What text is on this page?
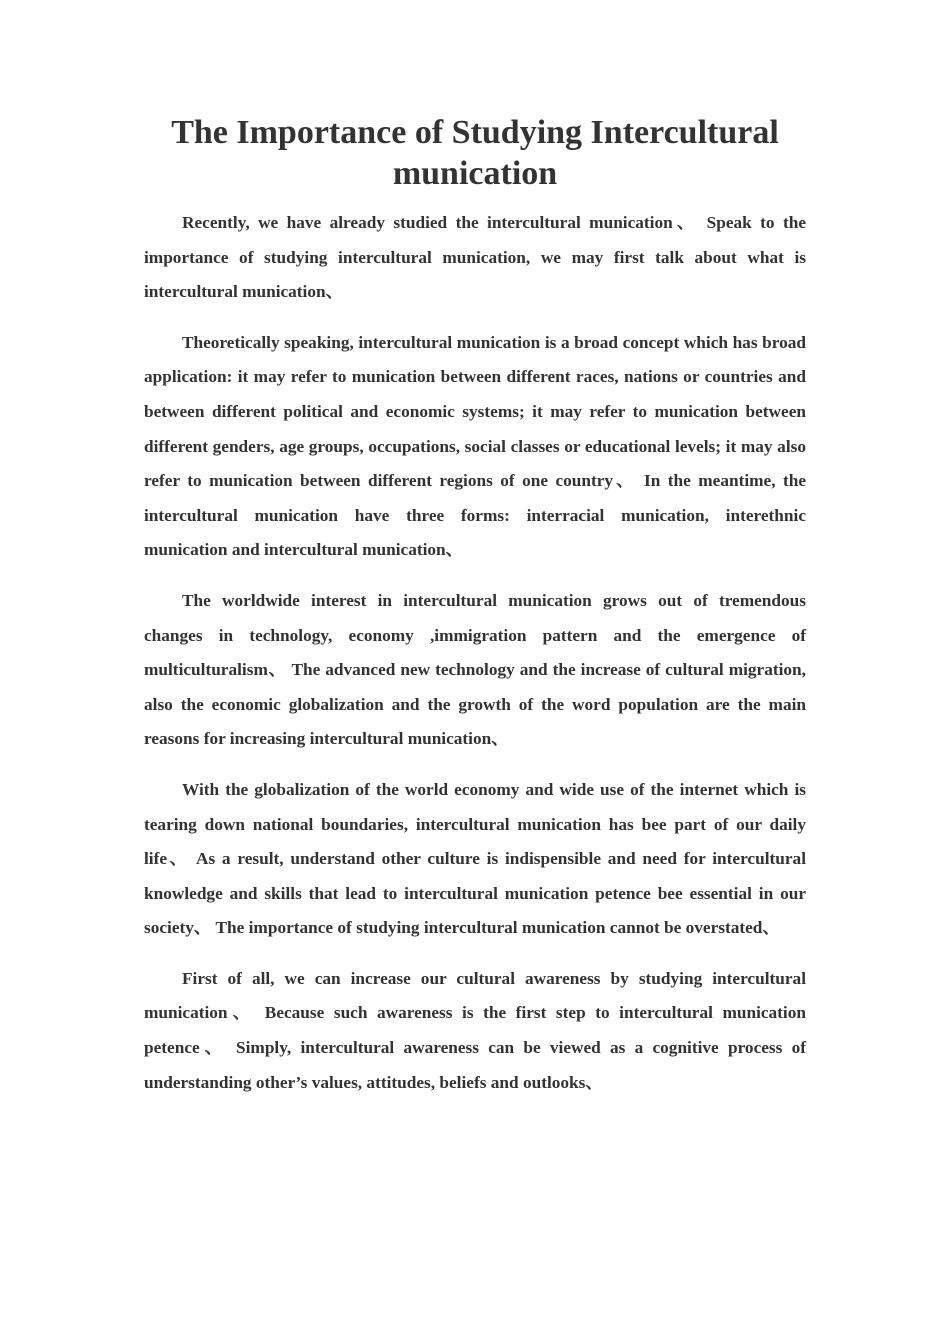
The Importance of Studying Intercultural munication

Recently, we have already studied the intercultural munication、 Speak to the importance of studying intercultural munication, we may first talk about what is intercultural munication、

Theoretically speaking, intercultural munication is a broad concept which has broad application: it may refer to munication between different races, nations or countries and between different political and economic systems; it may refer to munication between different genders, age groups, occupations, social classes or educational levels; it may also refer to munication between different regions of one country、 In the meantime, the intercultural munication have three forms: interracial munication, interethnic munication and intercultural munication、

The worldwide interest in intercultural munication grows out of tremendous changes in technology, economy ,immigration pattern and the emergence of multiculturalism、 The advanced new technology and the increase of cultural migration, also the economic globalization and the growth of the word population are the main reasons for increasing intercultural munication、

With the globalization of the world economy and wide use of the internet which is tearing down national boundaries, intercultural munication has bee part of our daily life、 As a result, understand other culture is indispensible and need for intercultural knowledge and skills that lead to intercultural munication petence bee essential in our society、 The importance of studying intercultural munication cannot be overstated、

First of all, we can increase our cultural awareness by studying intercultural munication、 Because such awareness is the first step to intercultural munication petence、 Simply, intercultural awareness can be viewed as a cognitive process of understanding other’s values, attitudes, beliefs and outlooks、
